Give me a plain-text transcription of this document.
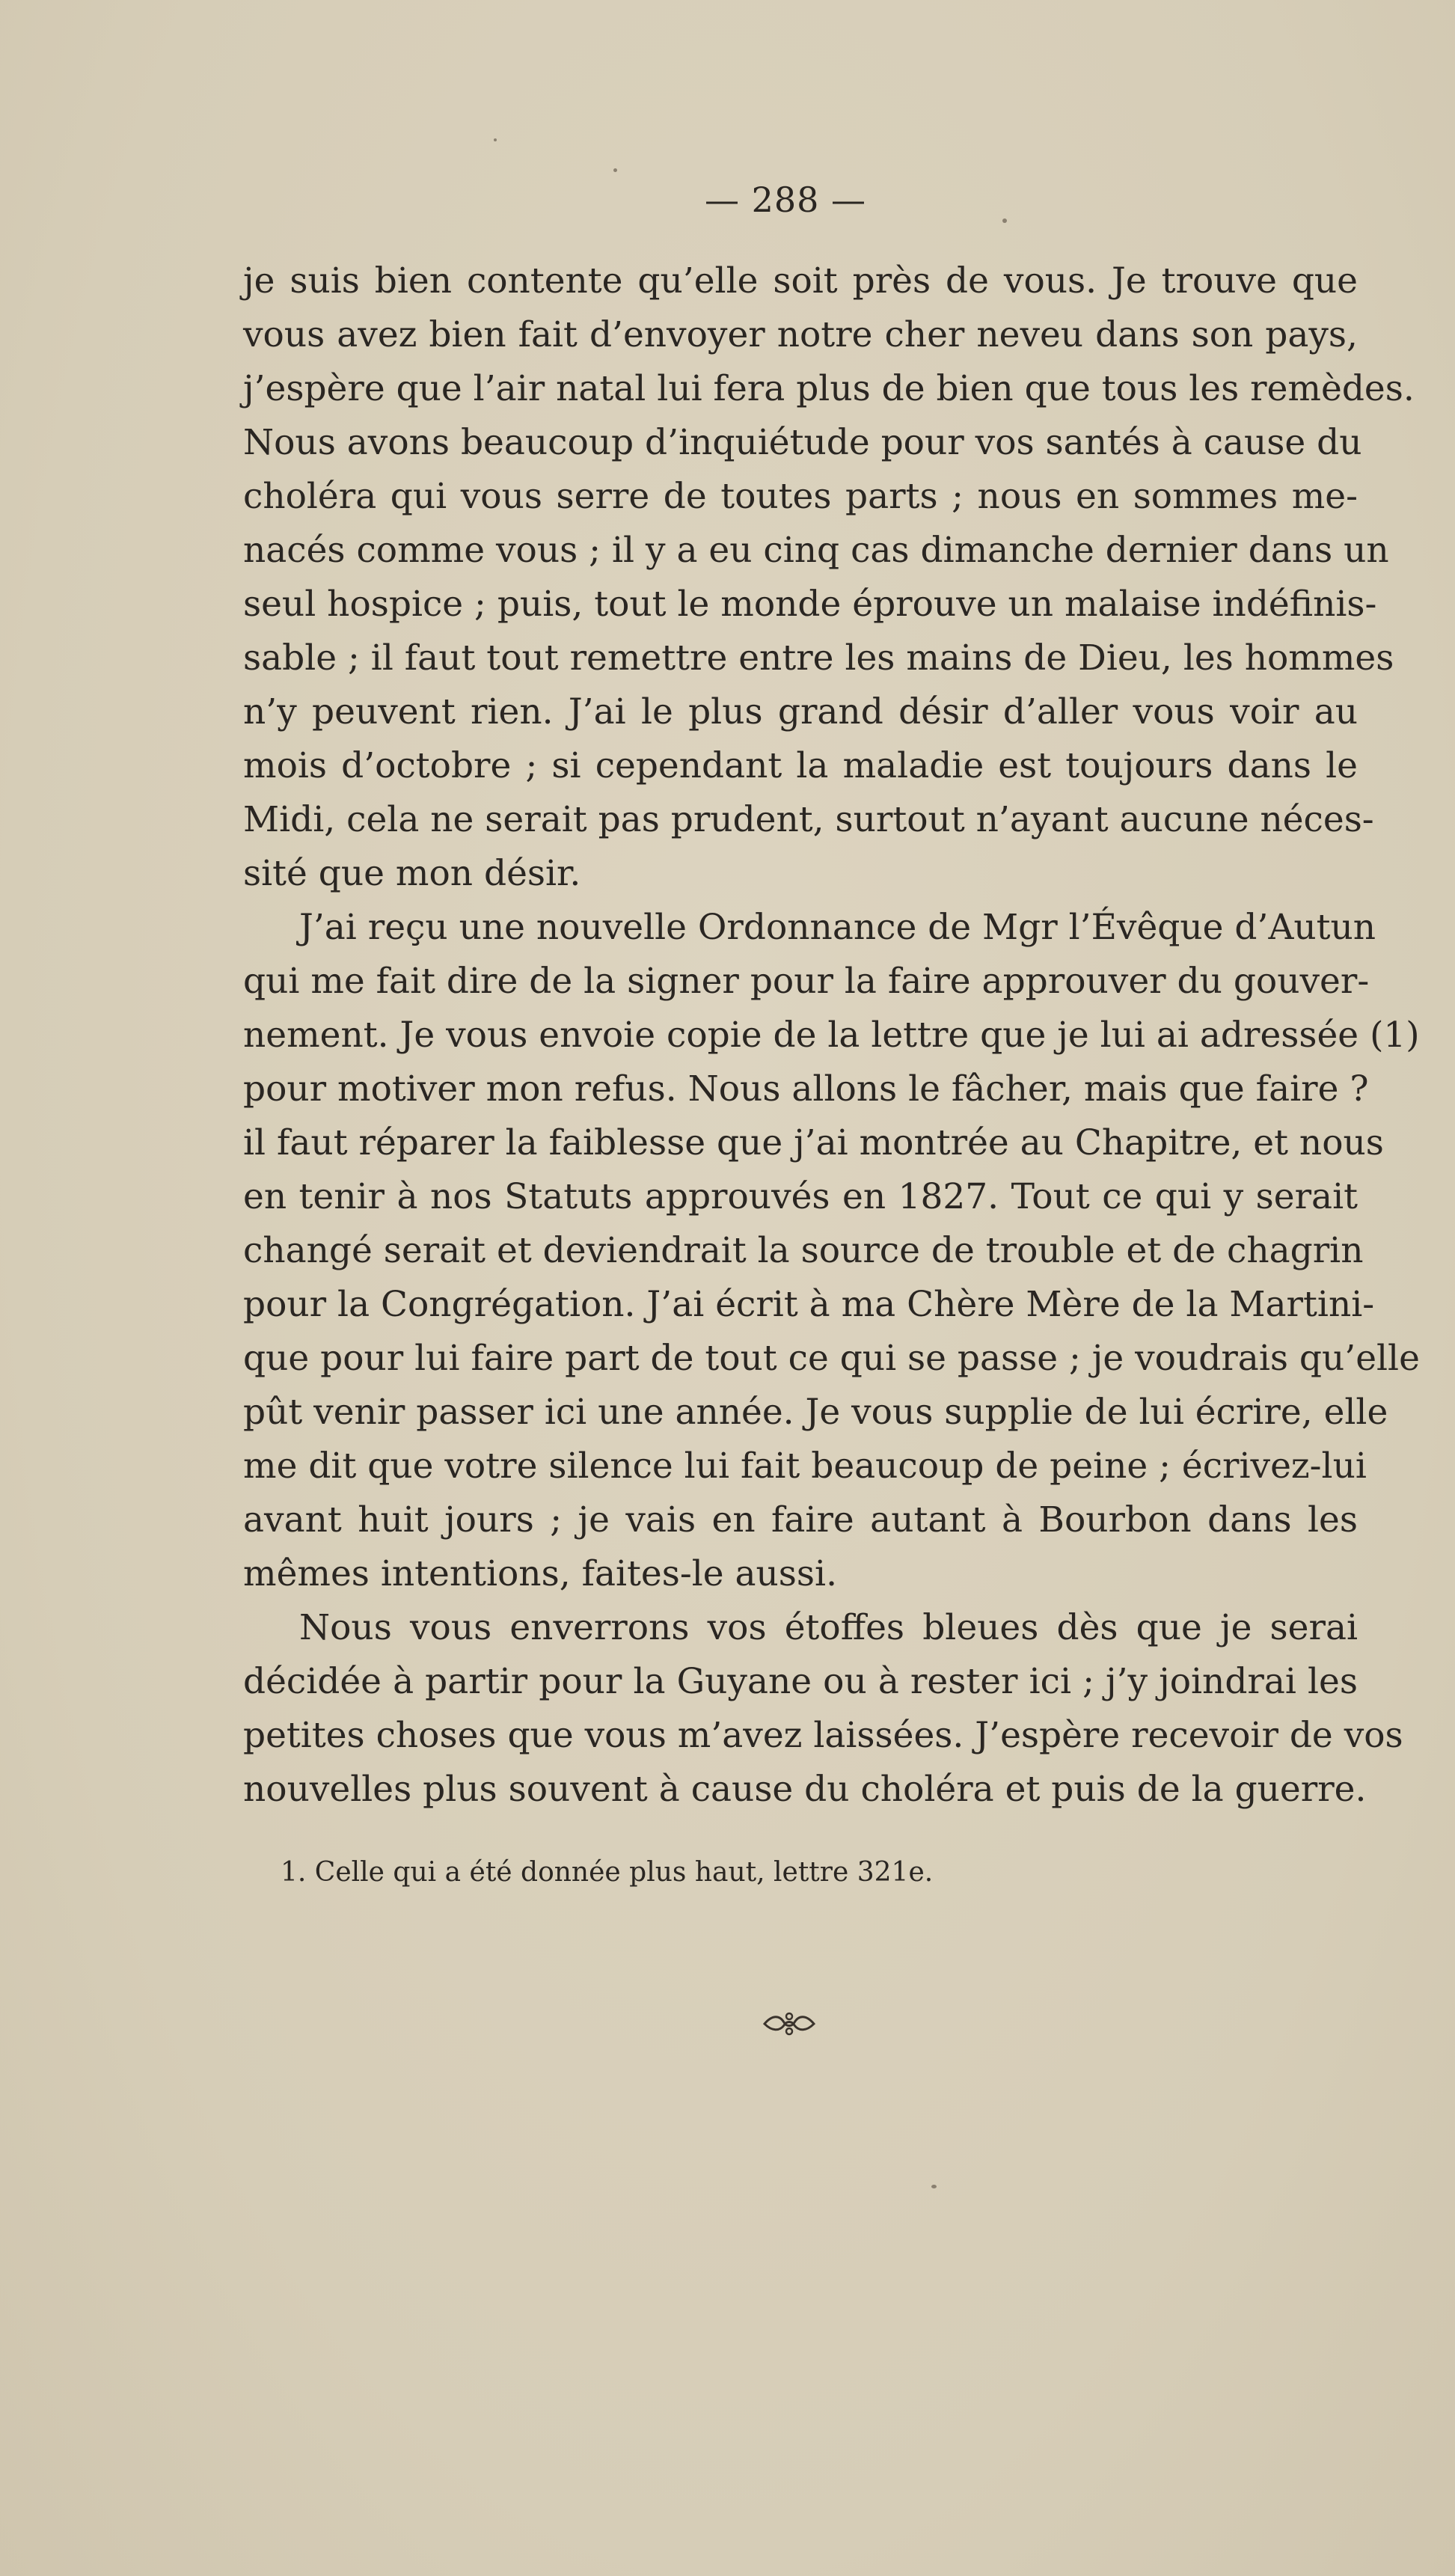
— 288 —
je suis bien contente qu’elle soit près de vous. Je trouve que
vous avez bien fait d’envoyer notre cher neveu dans son pays,
j’espère que l’air natal lui fera plus de bien que tous les remèdes.
Nous avons beaucoup d’inquiétude pour vos santés à cause du
choléra qui vous serre de toutes parts ; nous en sommes me-
nacés comme vous ; il y a eu cinq cas dimanche dernier dans un
seul hospice ; puis, tout le monde éprouve un malaise indéfinis-
sable ; il faut tout remettre entre les mains de Dieu, les hommes
n’y peuvent rien. J’ai le plus grand désir d’aller vous voir au
mois d’octobre ; si cependant la maladie est toujours dans le
Midi, cela ne serait pas prudent, surtout n’ayant aucune néces-
sité que mon désir.
J’ai reçu une nouvelle Ordonnance de Mgr l’Évêque d’Autun
qui me fait dire de la signer pour la faire approuver du gouver-
nement. Je vous envoie copie de la lettre que je lui ai adressée (1)
pour motiver mon refus. Nous allons le fâcher, mais que faire ?
il faut réparer la faiblesse que j’ai montrée au Chapitre, et nous
en tenir à nos Statuts approuvés en 1827. Tout ce qui y serait
changé serait et deviendrait la source de trouble et de chagrin
pour la Congrégation. J’ai écrit à ma Chère Mère de la Martini-
que pour lui faire part de tout ce qui se passe ; je voudrais qu’elle
pût venir passer ici une année. Je vous supplie de lui écrire, elle
me dit que votre silence lui fait beaucoup de peine ; écrivez-lui
avant huit jours ; je vais en faire autant à Bourbon dans les
mêmes intentions, faites-le aussi.
Nous vous enverrons vos étoffes bleues dès que je serai
décidée à partir pour la Guyane ou à rester ici ; j’y joindrai les
petites choses que vous m’avez laissées. J’espère recevoir de vos
nouvelles plus souvent à cause du choléra et puis de la guerre.
1. Celle qui a été donnée plus haut, lettre 321e.
